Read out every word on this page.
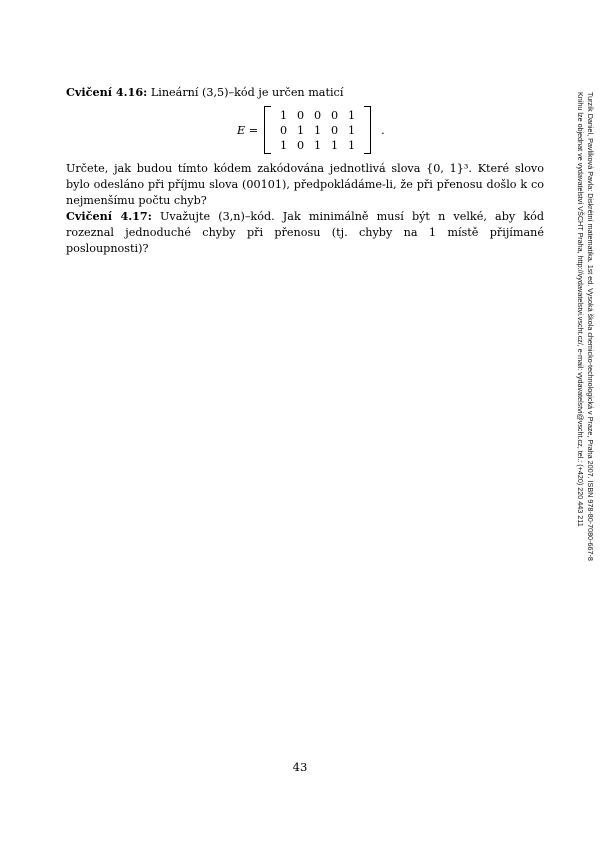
Cvičení 4.16: Lineární (3,5)–kód je určen maticí
E =
1 0 0 0 1
0 1 1 0 1
1 0 1 1 1
.
Určete, jak budou tímto kódem zakódována jednotlivá slova {0, 1}³. Které slovo bylo odesláno při příjmu slova (00101), předpokládáme-li, že při přenosu došlo k co nejmenšímu počtu chyb?
Cvičení 4.17: Uvažujte (3,n)–kód. Jak minimálně musí být n velké, aby kód rozeznal jednoduché chyby při přenosu (tj. chyby na 1 místě přijímané posloupnosti)?	Turzík Daniel, Pavlíková Pavla: Diskrétní matematika. 1st ed. Vysoká škola chemicko-technologická v Praze, Praha 2007. ISBN 978-80-7080-667-8
Knihu lze objednat ve vydavatelství VŠCHT Praha, http://vydavatelstvi.vscht.cz/, e-mail: vydavatelstvi@vscht.cz, tel.: (+420) 220 443 211
43
